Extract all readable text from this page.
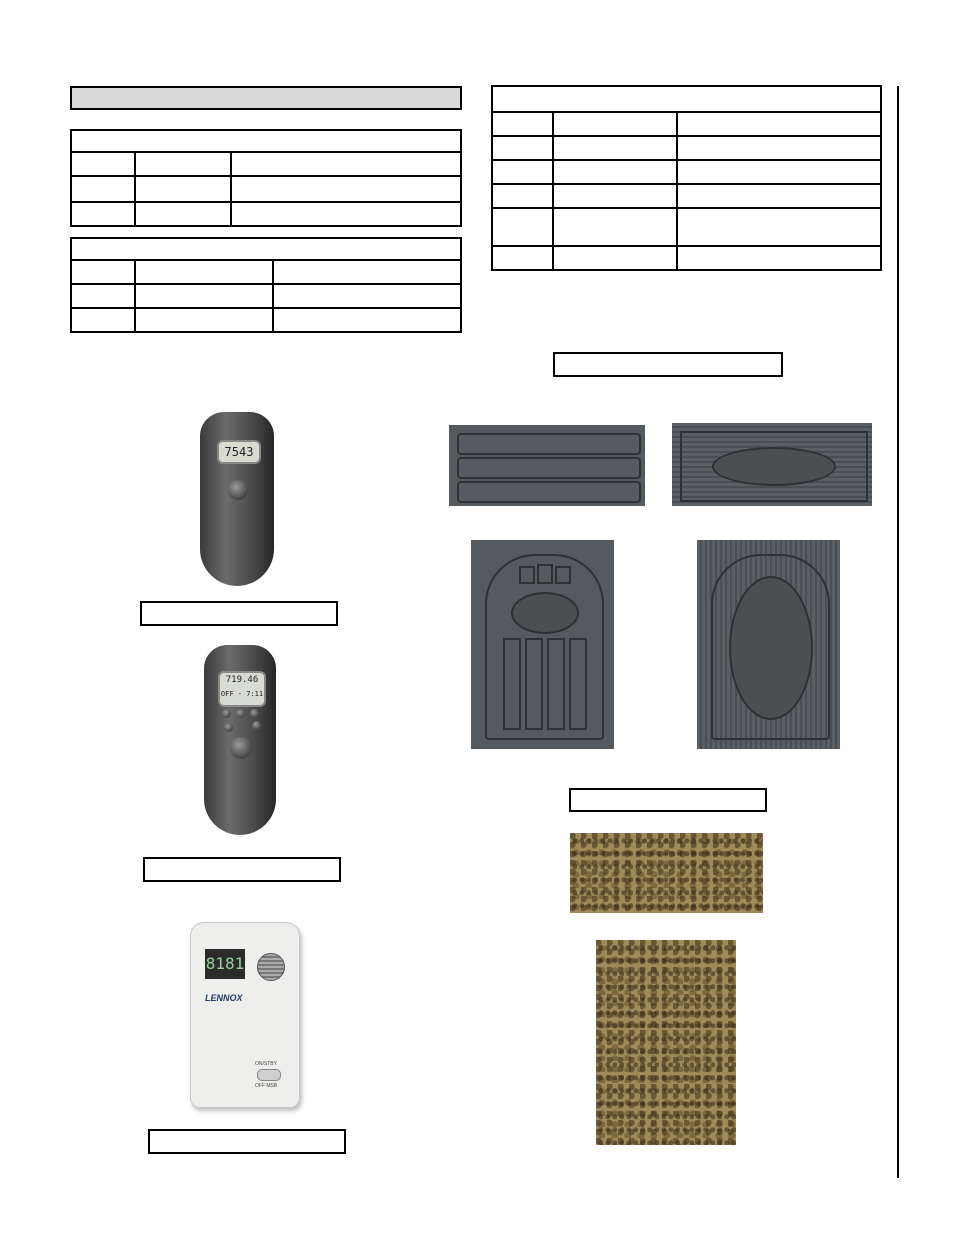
7543
719.46
OFF - 7:11
8181
LENNOX
ON/STBY
OFF MSB
